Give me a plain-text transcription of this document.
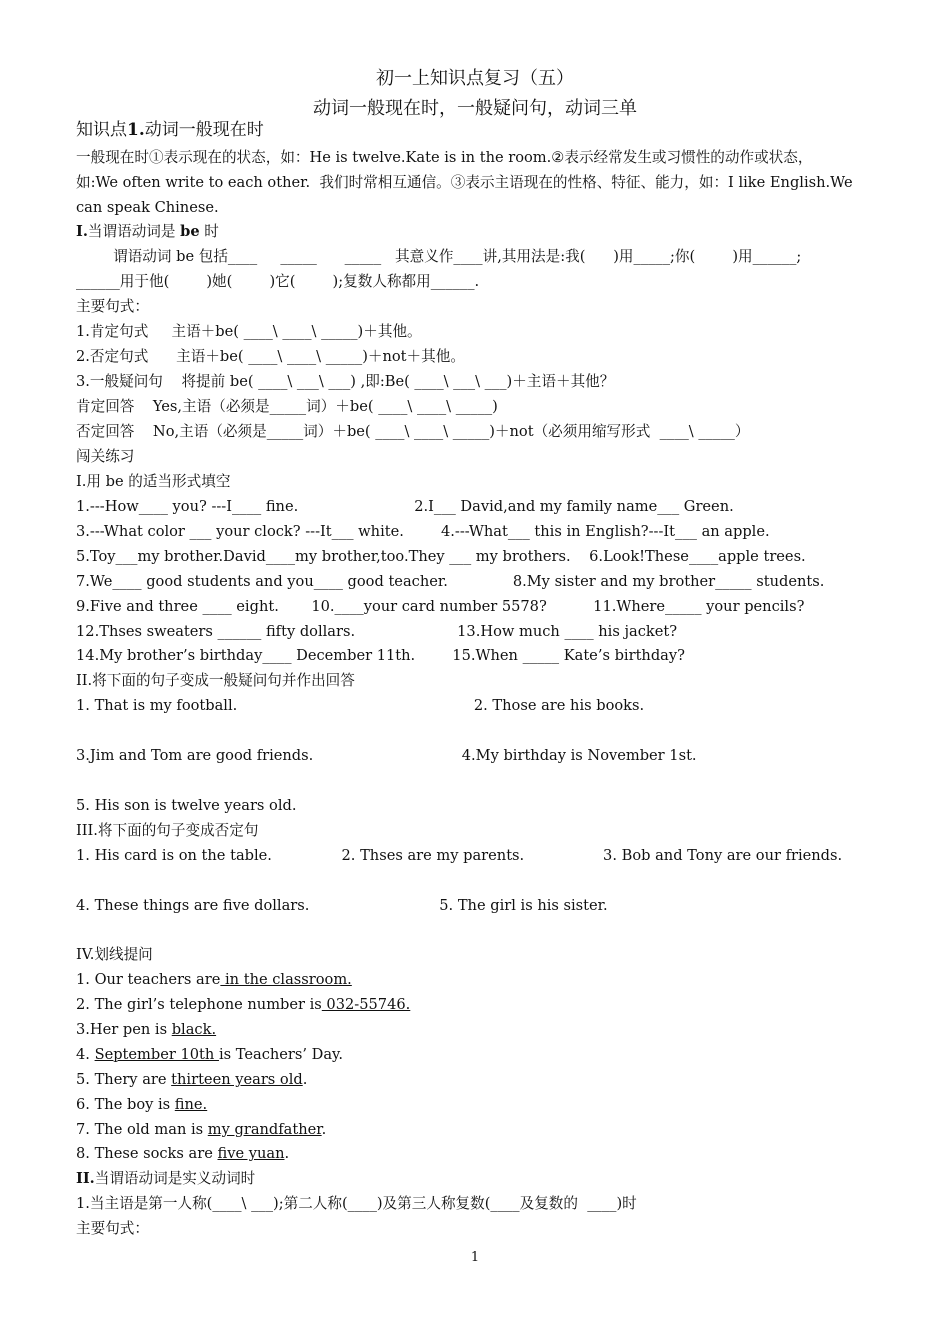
初一上知识点复习（五）
动词一般现在时，一般疑问句，动词三单
知识点1.动词一般现在时
一般现在时①表示现在的状态，如：He is twelve.Kate is in the room.②表示经常发生或习惯性的动作或状态，
如:We often write to each other.  我们时常相互通信。③表示主语现在的性格、特征、能力，如：I like English.We
can speak Chinese.
I.当谓语动词是 be 时
谓语动词 be 包括____     _____      _____   其意义作____讲,其用法是:我(      )用_____;你(        )用______;
______用于他(        )她(        )它(        );复数人称都用______.
主要句式：
1.肯定句式     主语＋be( ____\ ____\ _____)＋其他。
2.否定句式      主语＋be( ____\ ____\ _____)＋not＋其他。
3.一般疑问句    将提前 be( ____\ ___\ ___) ,即:Be( ____\ ___\ ___)＋主语＋其他？
肯定回答    Yes,主语（必须是_____词）＋be( ____\ ____\ _____)
否定回答    No,主语（必须是_____词）＋be( ____\ ____\ _____)＋not（必须用缩写形式  ____\ _____）
闯关练习
I.用 be 的适当形式填空
1.---How____ you? ---I____ fine.                         2.I___ David,and my family name___ Green.
3.---What color ___ your clock? ---It___ white.        4.---What___ this in English?---It___ an apple.
5.Toy___my brother.David____my brother,too.They ___ my brothers.    6.Look!These____apple trees.
7.We____ good students and you____ good teacher.              8.My sister and my brother_____ students.
9.Five and three ____ eight.       10.____your card number 5578?          11.Where_____ your pencils?
12.Thses sweaters ______ fifty dollars.                      13.How much ____ his jacket?
14.My brother’s birthday____ December 11th.        15.When _____ Kate’s birthday?
II.将下面的句子变成一般疑问句并作出回答
1. That is my football.                                                   2. Those are his books.
3.Jim and Tom are good friends.                                4.My birthday is November 1st.
5. His son is twelve years old.
III.将下面的句子变成否定句
1. His card is on the table.               2. Thses are my parents.                 3. Bob and Tony are our friends.
4. These things are five dollars.                            5. The girl is his sister.
IV.划线提问
1. Our teachers are in the classroom.
2. The girl’s telephone number is 032-55746.
3.Her pen is black.
4. September 10th is Teachers’ Day.
5. Thery are thirteen years old.
6. The boy is fine.
7. The old man is my grandfather.
8. These socks are five yuan.
II.当谓语动词是实义动词时
1.当主语是第一人称(____\ ___);第二人称(____)及第三人称复数(____及复数的  ____)时
主要句式：
1
